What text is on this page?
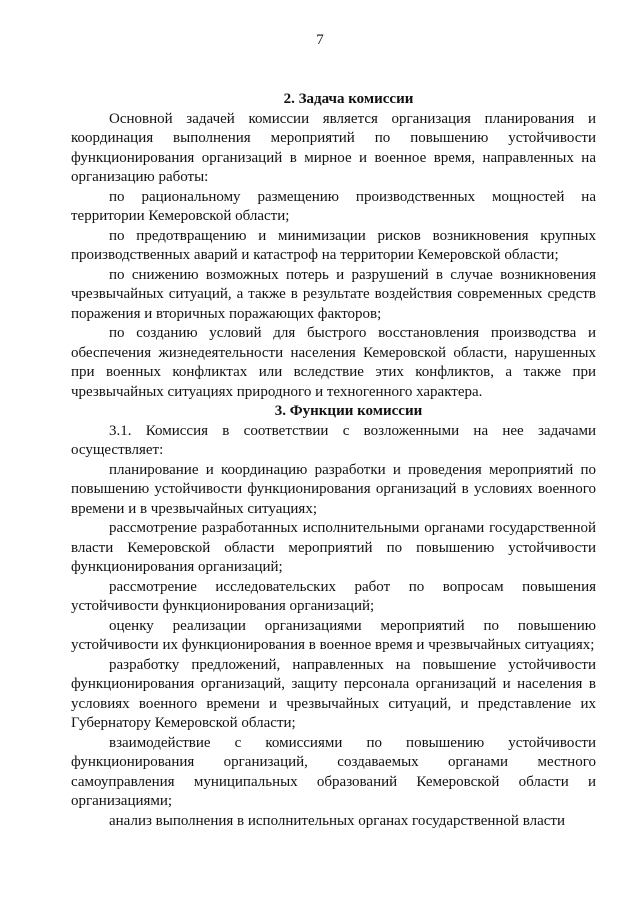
7
2. Задача комиссии

Основной задачей комиссии является организация планирования и координация выполнения мероприятий по повышению устойчивости функционирования организаций в мирное и военное время, направленных на организацию работы:

по рациональному размещению производственных мощностей на территории Кемеровской области;

по предотвращению и минимизации рисков возникновения крупных производственных аварий и катастроф на территории Кемеровской области;

по снижению возможных потерь и разрушений в случае возникновения чрезвычайных ситуаций, а также в результате воздействия современных средств поражения и вторичных поражающих факторов;

по созданию условий для быстрого восстановления производства и обеспечения жизнедеятельности населения Кемеровской области, нарушенных при военных конфликтах или вследствие этих конфликтов, а также при чрезвычайных ситуациях природного и техногенного характера.

3. Функции комиссии

3.1. Комиссия в соответствии с возложенными на нее задачами осуществляет:

планирование и координацию разработки и проведения мероприятий по повышению устойчивости функционирования организаций в условиях военного времени и в чрезвычайных ситуациях;

рассмотрение разработанных исполнительными органами государственной власти Кемеровской области мероприятий по повышению устойчивости функционирования организаций;

рассмотрение исследовательских работ по вопросам повышения устойчивости функционирования организаций;

оценку реализации организациями мероприятий по повышению устойчивости их функционирования в военное время и чрезвычайных ситуациях;

разработку предложений, направленных на повышение устойчивости функционирования организаций, защиту персонала организаций и населения в условиях военного времени и чрезвычайных ситуаций, и представление их Губернатору Кемеровской области;

взаимодействие с комиссиями по повышению устойчивости функционирования организаций, создаваемых органами местного самоуправления муниципальных образований Кемеровской области и организациями;

анализ выполнения в исполнительных органах государственной власти
